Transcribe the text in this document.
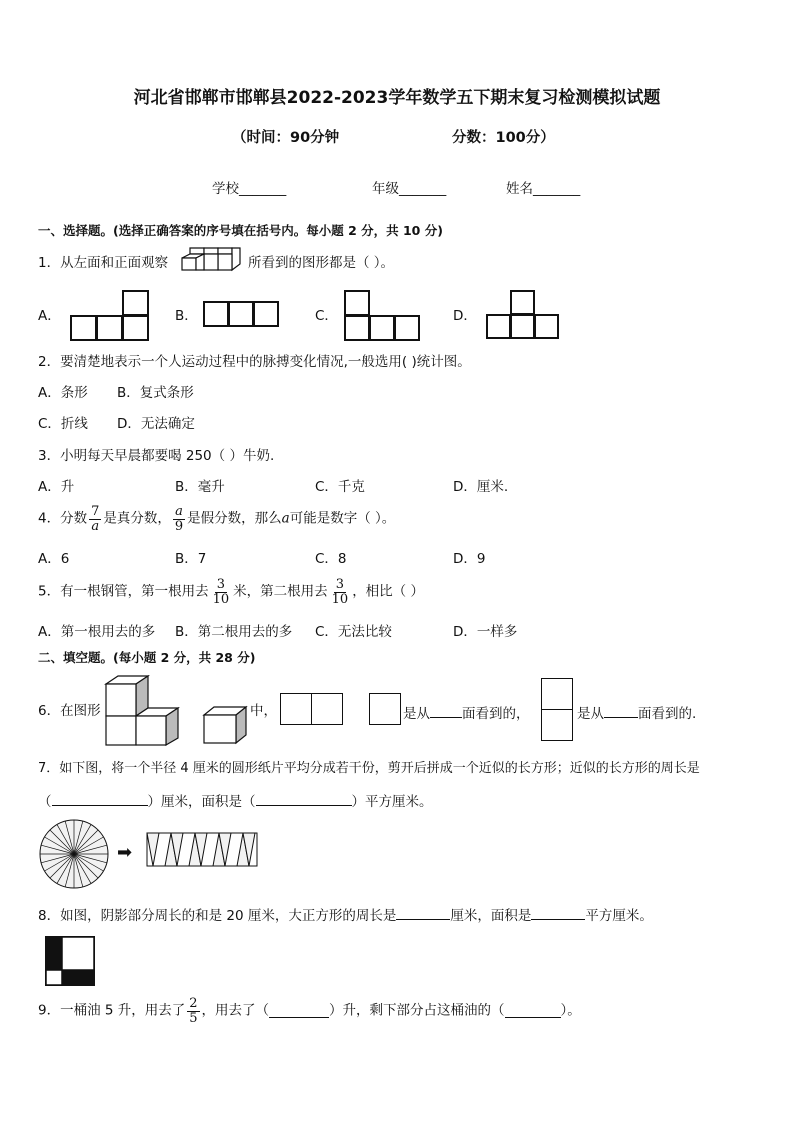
河北省邯郸市邯郸县2022-2023学年数学五下期末复习检测模拟试题
（时间：90分钟	分数：100分）
学校_______	年级_______	姓名_______
一、选择题。(选择正确答案的序号填在括号内。每小题 2 分，共 10 分)
1．从左面和正面观察	所看到的图形都是（ ）。
A．	B．	C．	D．
2．要清楚地表示一个人运动过程中的脉搏变化情况,一般选用( )统计图。
A．条形 B．复式条形
C．折线 D．无法确定
3．小明每天早晨都要喝 250（ ）牛奶.
A．升	B．毫升	C．千克	D．厘米.
4．分数 $\frac{7}{a}$ 是真分数， $\frac{a}{9}$ 是假分数，那么a可能是数字（ ）。
A．6	B．7	C．8	D．9
5．有一根钢管，第一根用去 $\frac{3}{10}$ 米，第二根用去 $\frac{3}{10}$ ，相比（ ）
A．第一根用去的多 B．第二根用去的多 C．无法比较	D．一样多
二、填空题。(每小题 2 分，共 28 分)
6．在图形	中，	是从 面看到的，	是从	面看到的.
7．如下图，将一个半径 4 厘米的圆形纸片平均分成若干份，剪开后拼成一个近似的长方形；近似的长方形的周长是
（	）厘米，面积是（	）平方厘米。
➡
8．如图，阴影部分周长的和是 20 厘米，大正方形的周长是	厘米，面积是	平方厘米。
9．一桶油 5 升，用去了 $\frac{2}{5}$ ，用去了（	）升，剩下部分占这桶油的（	）。
